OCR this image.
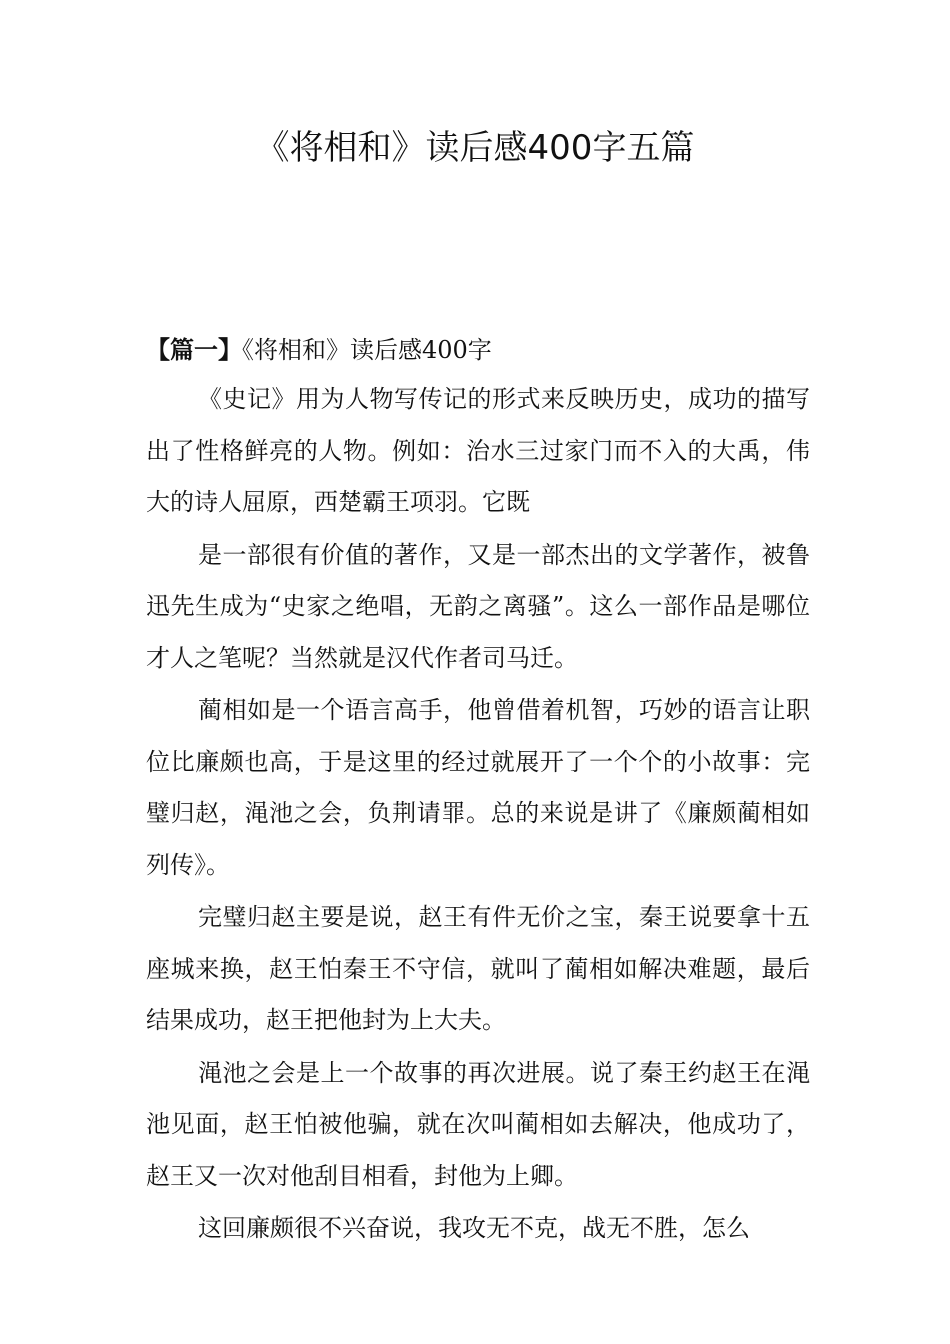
《将相和》读后感400字五篇
【篇一】《将相和》读后感400字

《史记》用为人物写传记的形式来反映历史，成功的描写出了性格鲜亮的人物。例如：治水三过家门而不入的大禹，伟大的诗人屈原，西楚霸王项羽。它既

是一部很有价值的著作，又是一部杰出的文学著作，被鲁迅先生成为“史家之绝唱，无韵之离骚”。这么一部作品是哪位才人之笔呢？当然就是汉代作者司马迁。

蔺相如是一个语言高手，他曾借着机智，巧妙的语言让职位比廉颇也高，于是这里的经过就展开了一个个的小故事：完璧归赵，渑池之会，负荆请罪。总的来说是讲了《廉颇蔺相如列传》。

完璧归赵主要是说，赵王有件无价之宝，秦王说要拿十五座城来换，赵王怕秦王不守信，就叫了蔺相如解决难题，最后结果成功，赵王把他封为上大夫。

渑池之会是上一个故事的再次进展。说了秦王约赵王在渑池见面，赵王怕被他骗，就在次叫蔺相如去解决，他成功了，赵王又一次对他刮目相看，封他为上卿。

这回廉颇很不兴奋说，我攻无不克，战无不胜，怎么
